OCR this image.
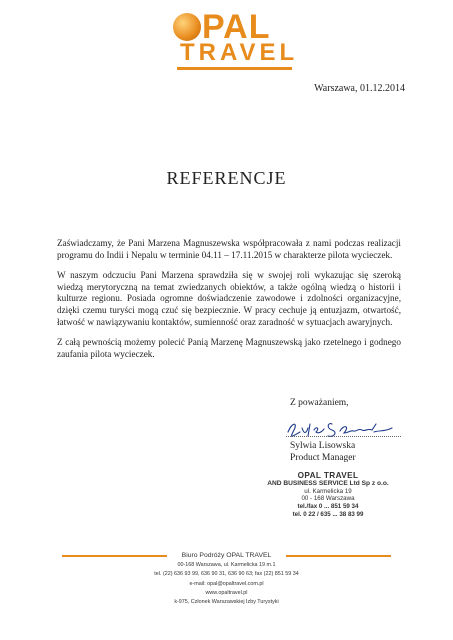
PAL
TRAVEL
Warszawa, 01.12.2014
REFERENCJE

Zaświadczamy, że Pani Marzena Magnuszewska współpracowała z nami podczas realizacji programu do Indii i Nepalu w terminie 04.11 – 17.11.2015 w charakterze pilota wycieczek.

W naszym odczuciu Pani Marzena sprawdziła się w swojej roli wykazując się szeroką wiedzą merytoryczną na temat zwiedzanych obiektów, a także ogólną wiedzą o historii i kulturze regionu. Posiada ogromne doświadczenie zawodowe i zdolności organizacyjne, dzięki czemu turyści mogą czuć się bezpiecznie. W pracy cechuje ją entuzjazm, otwartość, łatwość w nawiązywaniu kontaktów, sumienność oraz zaradność w sytuacjach awaryjnych.

Z całą pewnością możemy polecić Panią Marzenę Magnuszewską jako rzetelnego i godnego zaufania pilota wycieczek.

Z poważaniem,
Sylwia Lisowska
Product Manager
OPAL TRAVEL
AND BUSINESS SERVICE Ltd Sp z o.o.
ul. Karmelicka 19
00 - 168 Warszawa
tel./fax 0 ... 851 59 34
tel. 0 22 / 635 ... 38 83 99
Biuro Podróży OPAL TRAVEL
00-168 Warszawa, ul. Karmelicka 19 m.1
tel. (22) 636 93 99, 636 90 31, 636 90 63; fax (22) 851 59 34
e-mail: opal@opaltravel.com.pl
www.opaltravel.pl
k-975, Członek Warszawskiej Izby Turystyki
